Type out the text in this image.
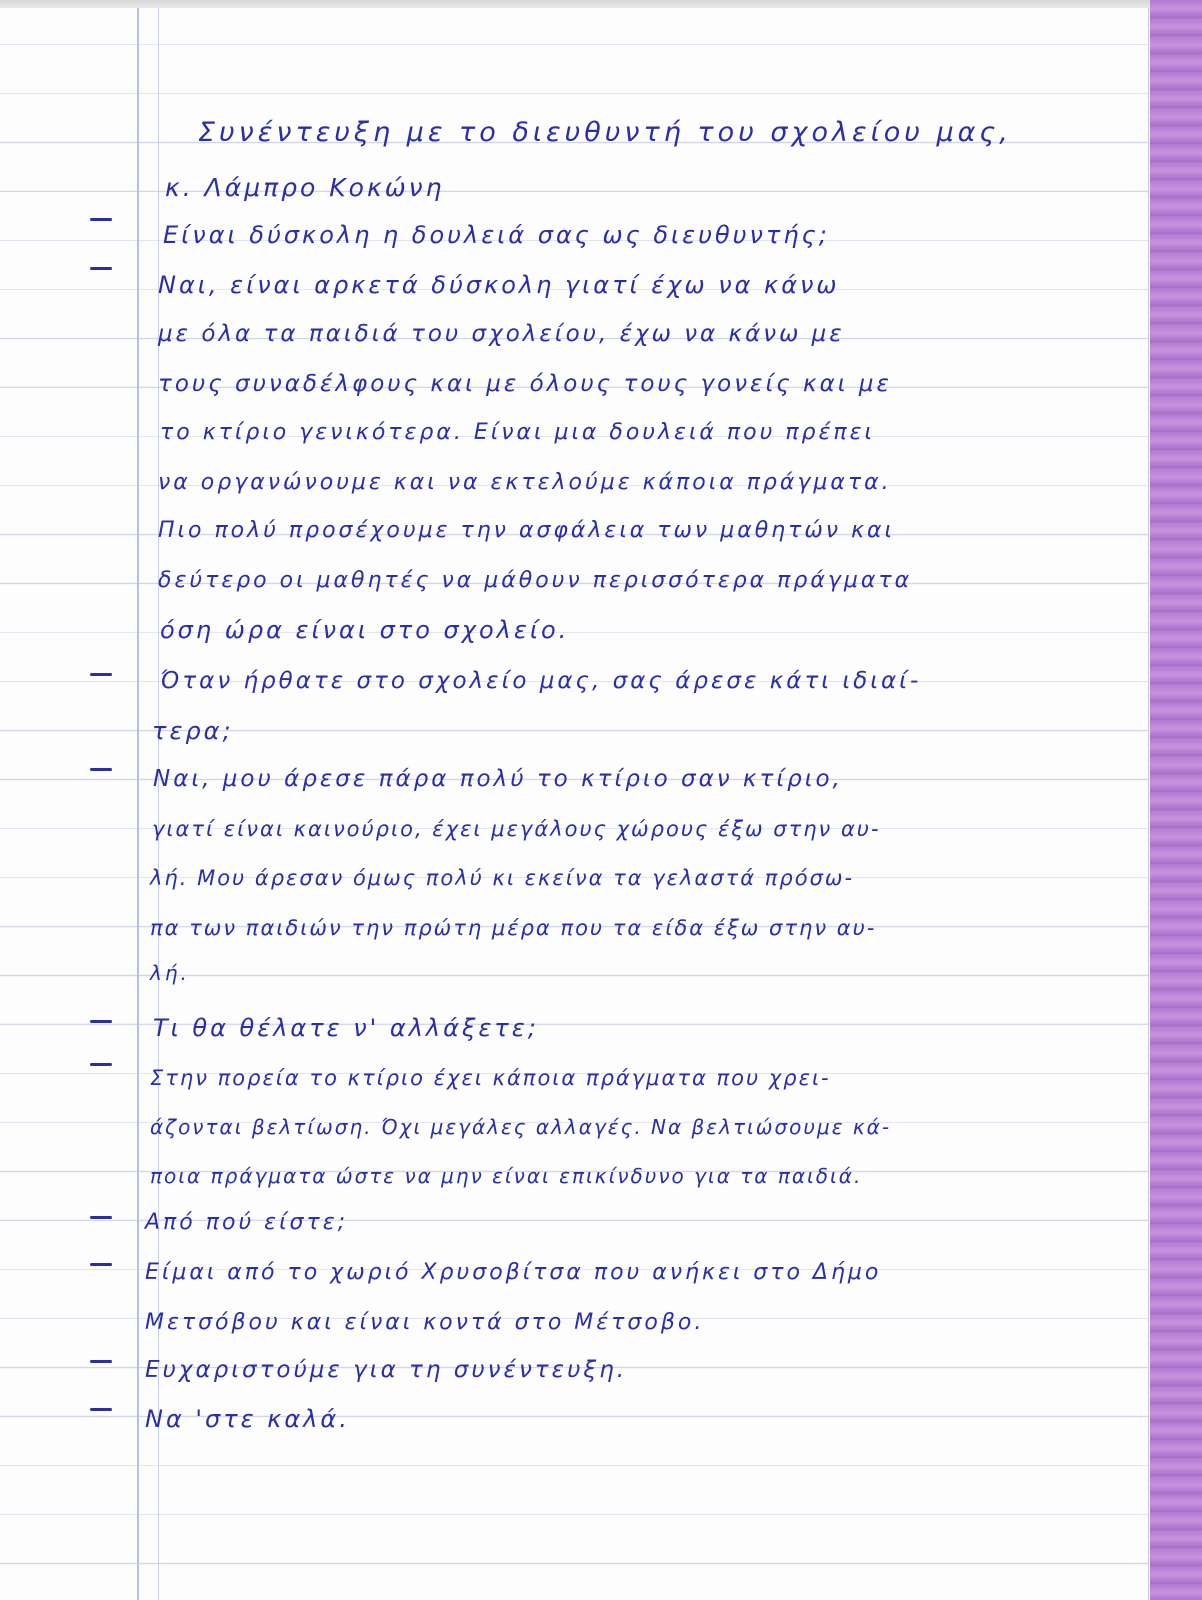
Συνέντευξη με το διευθυντή του σχολείου μας,
κ. Λάμπρο Κοκώνη
Είναι δύσκολη η δουλειά σας ως διευθυντής;
Ναι, είναι αρκετά δύσκολη γιατί έχω να κάνω
με όλα τα παιδιά του σχολείου, έχω να κάνω με
τους συναδέλφους και με όλους τους γονείς και με
το κτίριο γενικότερα. Είναι μια δουλειά που πρέπει
να οργανώνουμε και να εκτελούμε κάποια πράγματα.
Πιο πολύ προσέχουμε την ασφάλεια των μαθητών και
δεύτερο οι μαθητές να μάθουν περισσότερα πράγματα
όση ώρα είναι στο σχολείο.
Όταν ήρθατε στο σχολείο μας, σας άρεσε κάτι ιδιαί-
τερα;
Ναι, μου άρεσε πάρα πολύ το κτίριο σαν κτίριο,
γιατί είναι καινούριο, έχει μεγάλους χώρους έξω στην αυ-
λή. Μου άρεσαν όμως πολύ κι εκείνα τα γελαστά πρόσω-
πα των παιδιών την πρώτη μέρα που τα είδα έξω στην αυ-
λή.
Τι θα θέλατε ν' αλλάξετε;
Στην πορεία το κτίριο έχει κάποια πράγματα που χρει-
άζονται βελτίωση. Όχι μεγάλες αλλαγές. Να βελτιώσουμε κά-
ποια πράγματα ώστε να μην είναι επικίνδυνο για τα παιδιά.
Από πού είστε;
Είμαι από το χωριό Χρυσοβίτσα που ανήκει στο Δήμο
Μετσόβου και είναι κοντά στο Μέτσοβο.
Ευχαριστούμε για τη συνέντευξη.
Να 'στε καλά.
